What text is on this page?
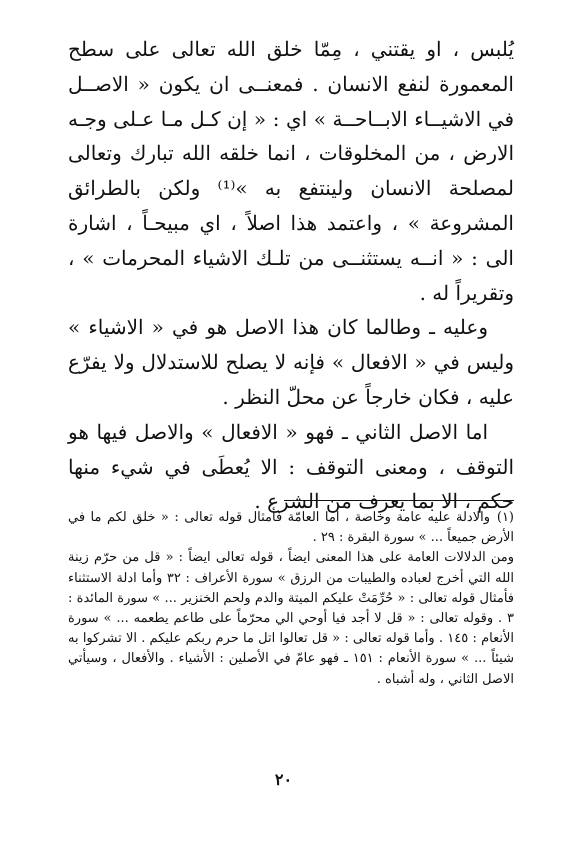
يُلبس ، او يقتني ، مِمّا خلق الله تعالى على سطح المعمورة لنفع الانسان . فمعنــى ان يكون « الاصــل في الاشيــاء الابــاحــة » اي : « إن كـل مـا عـلى وجـه الارض ، من المخلوقات ، انما خلقه الله تبارك وتعالى لمصلحة الانسان ولينتفع به »⁽¹⁾ ولكن بالطرائق المشروعة » ، واعتمد هذا اصلاً ، اي مبيحـاً ، اشارة الى : « انــه يستثنــى من تلـك الاشياء المحرمات » ، وتقريراً له .

وعليه ـ وطالما كان هذا الاصل هو في « الاشياء » وليس في « الافعال » فإنه لا يصلح للاستدلال ولا يفرّع عليه ، فكان خارجاً عن محلّ النظر .

اما الاصل الثاني ـ فهو « الافعال » والاصل فيها هو التوقف ، ومعنى التوقف : الا يُعطَى في شيء منها حكم ، الا بما يعرف من الشرع .

(١)والادلة عليه عامة وخاصة ، اما العامّة فأمثال قوله تعالى : « خلق لكم ما في الأرض جميعاً ... » سورة البقرة : ٢٩ .

ومن الدلالات العامة على هذا المعنى ايضاً ، قوله تعالى ايضاً : « قل من حرّم زينة الله التي أخرج لعباده والطيبات من الرزق » سورة الأعراف : ٣٢ وأما ادلة الاستثناء فأمثال قوله تعالى : « حُرِّمَتْ عليكم الميتة والدم ولحم الخنزير ... » سورة المائدة : ٣ . وقوله تعالى : « قل لا أجد فيا أوحي الي محرّماً على طاعم يطعمه ... » سورة الأنعام : ١٤٥ . وأما قوله تعالى : « قل تعالوا اتل ما حرم ربكم عليكم . الا تشركوا به شيئاً ... » سورة الأنعام : ١٥١ ـ فهو عامّ في الأصلين : الأشياء . والأفعال ، وسيأتي الاصل الثاني ، وله أشباه .

٢٠
